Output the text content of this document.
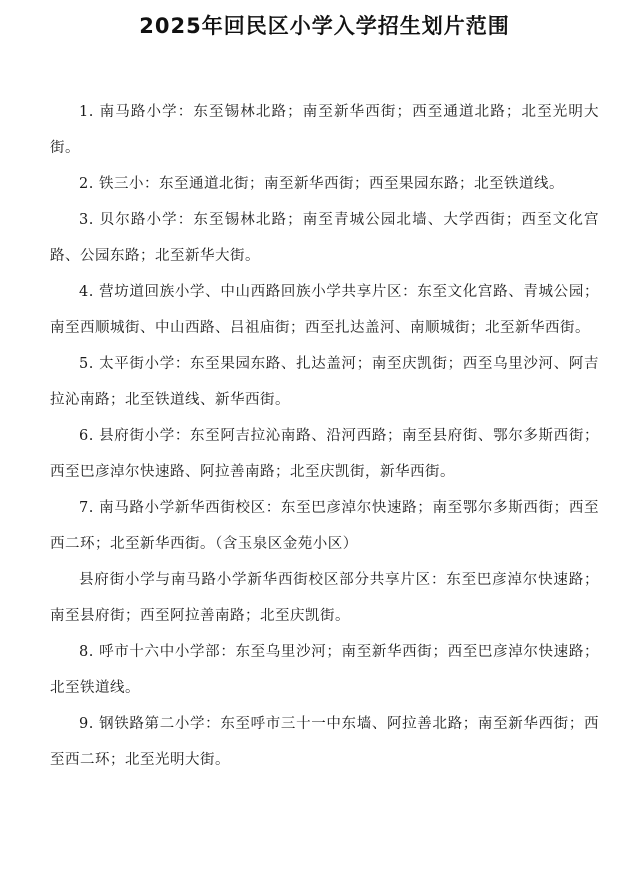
2025年回民区小学入学招生划片范围

1. 南马路小学：东至锡林北路；南至新华西街；西至通道北路；北至光明大街。

2. 铁三小：东至通道北街；南至新华西街；西至果园东路；北至铁道线。

3. 贝尔路小学：东至锡林北路；南至青城公园北墙、大学西街；西至文化宫路、公园东路；北至新华大街。

4. 营坊道回族小学、中山西路回族小学共享片区：东至文化宫路、青城公园；南至西顺城街、中山西路、吕祖庙街；西至扎达盖河、南顺城街；北至新华西街。

5. 太平街小学：东至果园东路、扎达盖河；南至庆凯街；西至乌里沙河、阿吉拉沁南路；北至铁道线、新华西街。

6. 县府街小学：东至阿吉拉沁南路、沿河西路；南至县府街、鄂尔多斯西街；西至巴彦淖尔快速路、阿拉善南路；北至庆凯街，新华西街。

7. 南马路小学新华西街校区：东至巴彦淖尔快速路；南至鄂尔多斯西街；西至西二环；北至新华西街。（含玉泉区金苑小区）

县府街小学与南马路小学新华西街校区部分共享片区：东至巴彦淖尔快速路；南至县府街；西至阿拉善南路；北至庆凯街。

8. 呼市十六中小学部：东至乌里沙河；南至新华西街；西至巴彦淖尔快速路；北至铁道线。

9. 钢铁路第二小学：东至呼市三十一中东墙、阿拉善北路；南至新华西街；西至西二环；北至光明大街。
